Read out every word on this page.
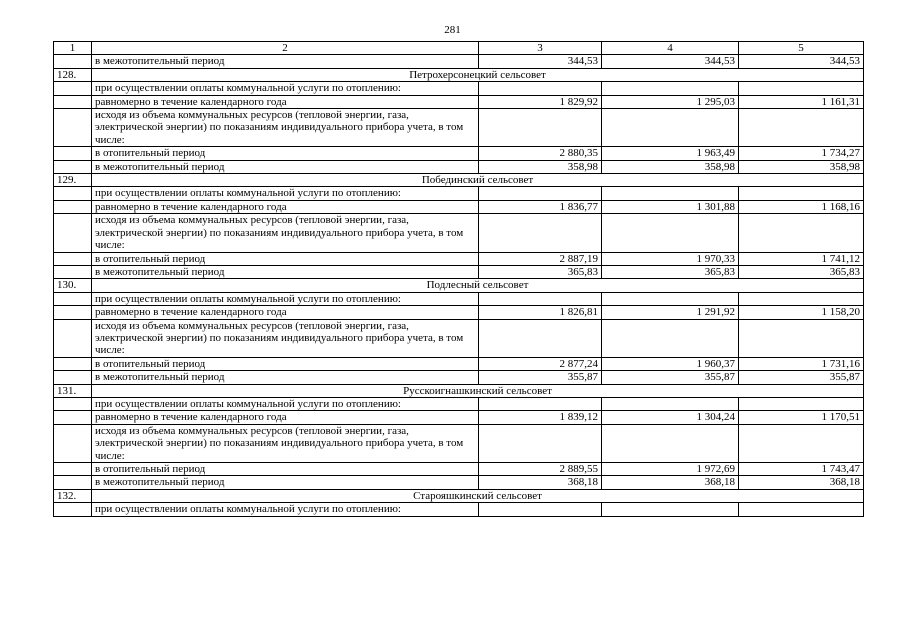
281
1	2	3	4	5
	в межотопительный период	344,53	344,53	344,53
128.	Петрохерсонецкий сельсовет			
	при осуществлении оплаты коммунальной услуги по отоплению:			
	равномерно в течение календарного года	1 829,92	1 295,03	1 161,31
	исходя из объема коммунальных ресурсов (тепловой энергии, газа, электрической энергии) по показаниям индивидуального прибора учета, в том числе:			
	в отопительный период	2 880,35	1 963,49	1 734,27
	в межотопительный период	358,98	358,98	358,98
129.	Побединский сельсовет			
	при осуществлении оплаты коммунальной услуги по отоплению:			
	равномерно в течение календарного года	1 836,77	1 301,88	1 168,16
	исходя из объема коммунальных ресурсов (тепловой энергии, газа, электрической энергии) по показаниям индивидуального прибора учета, в том числе:			
	в отопительный период	2 887,19	1 970,33	1 741,12
	в межотопительный период	365,83	365,83	365,83
130.	Подлесный сельсовет			
	при осуществлении оплаты коммунальной услуги по отоплению:			
	равномерно в течение календарного года	1 826,81	1 291,92	1 158,20
	исходя из объема коммунальных ресурсов (тепловой энергии, газа, электрической энергии) по показаниям индивидуального прибора учета, в том числе:			
	в отопительный период	2 877,24	1 960,37	1 731,16
	в межотопительный период	355,87	355,87	355,87
131.	Русскоигнашкинский сельсовет			
	при осуществлении оплаты коммунальной услуги по отоплению:			
	равномерно в течение календарного года	1 839,12	1 304,24	1 170,51
	исходя из объема коммунальных ресурсов (тепловой энергии, газа, электрической энергии) по показаниям индивидуального прибора учета, в том числе:			
	в отопительный период	2 889,55	1 972,69	1 743,47
	в межотопительный период	368,18	368,18	368,18
132.	Старояшкинский сельсовет			
	при осуществлении оплаты коммунальной услуги по отоплению:			
